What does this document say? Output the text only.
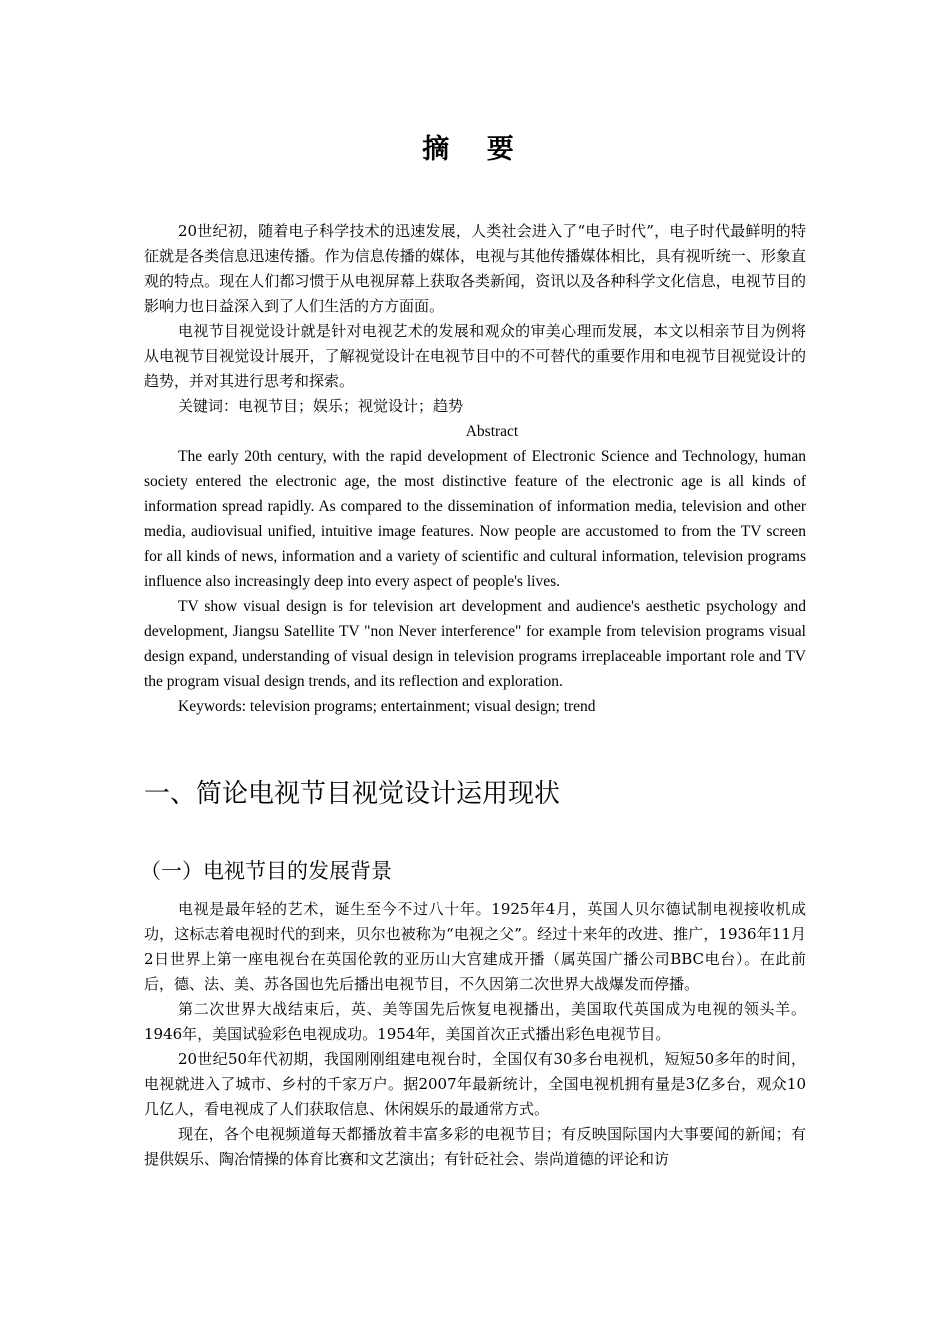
摘 要

20世纪初，随着电子科学技术的迅速发展，人类社会进入了“电子时代”，电子时代最鲜明的特征就是各类信息迅速传播。作为信息传播的媒体，电视与其他传播媒体相比，具有视听统一、形象直观的特点。现在人们都习惯于从电视屏幕上获取各类新闻，资讯以及各种科学文化信息，电视节目的影响力也日益深入到了人们生活的方方面面。

电视节目视觉设计就是针对电视艺术的发展和观众的审美心理而发展，本文以相亲节目为例将从电视节目视觉设计展开，了解视觉设计在电视节目中的不可替代的重要作用和电视节目视觉设计的趋势，并对其进行思考和探索。

关键词：电视节目；娱乐；视觉设计；趋势

Abstract

The early 20th century, with the rapid development of Electronic Science and Technology, human society entered the electronic age, the most distinctive feature of the electronic age is all kinds of information spread rapidly. As compared to the dissemination of information media, television and other media, audiovisual unified, intuitive image features. Now people are accustomed to from the TV screen for all kinds of news, information and a variety of scientific and cultural information, television programs influence also increasingly deep into every aspect of people's lives.

TV show visual design is for television art development and audience's aesthetic psychology and development, Jiangsu Satellite TV "non Never interference" for example from television programs visual design expand, understanding of visual design in television programs irreplaceable important role and TV the program visual design trends, and its reflection and exploration.

Keywords: television programs; entertainment; visual design; trend

一、简论电视节目视觉设计运用现状
（一）电视节目的发展背景

电视是最年轻的艺术，诞生至今不过八十年。1925年4月，英国人贝尔德试制电视接收机成功，这标志着电视时代的到来，贝尔也被称为“电视之父”。经过十来年的改进、推广，1936年11月2日世界上第一座电视台在英国伦敦的亚历山大宫建成开播（属英国广播公司BBC电台）。在此前后，德、法、美、苏各国也先后播出电视节目，不久因第二次世界大战爆发而停播。

第二次世界大战结束后，英、美等国先后恢复电视播出，美国取代英国成为电视的领头羊。1946年，美国试验彩色电视成功。1954年，美国首次正式播出彩色电视节目。

20世纪50年代初期，我国刚刚组建电视台时，全国仅有30多台电视机，短短50多年的时间，电视就进入了城市、乡村的千家万户。据2007年最新统计，全国电视机拥有量是3亿多台，观众10几亿人，看电视成了人们获取信息、休闲娱乐的最通常方式。

现在，各个电视频道每天都播放着丰富多彩的电视节目；有反映国际国内大事要闻的新闻；有提供娱乐、陶冶情操的体育比赛和文艺演出；有针砭社会、崇尚道德的评论和访
